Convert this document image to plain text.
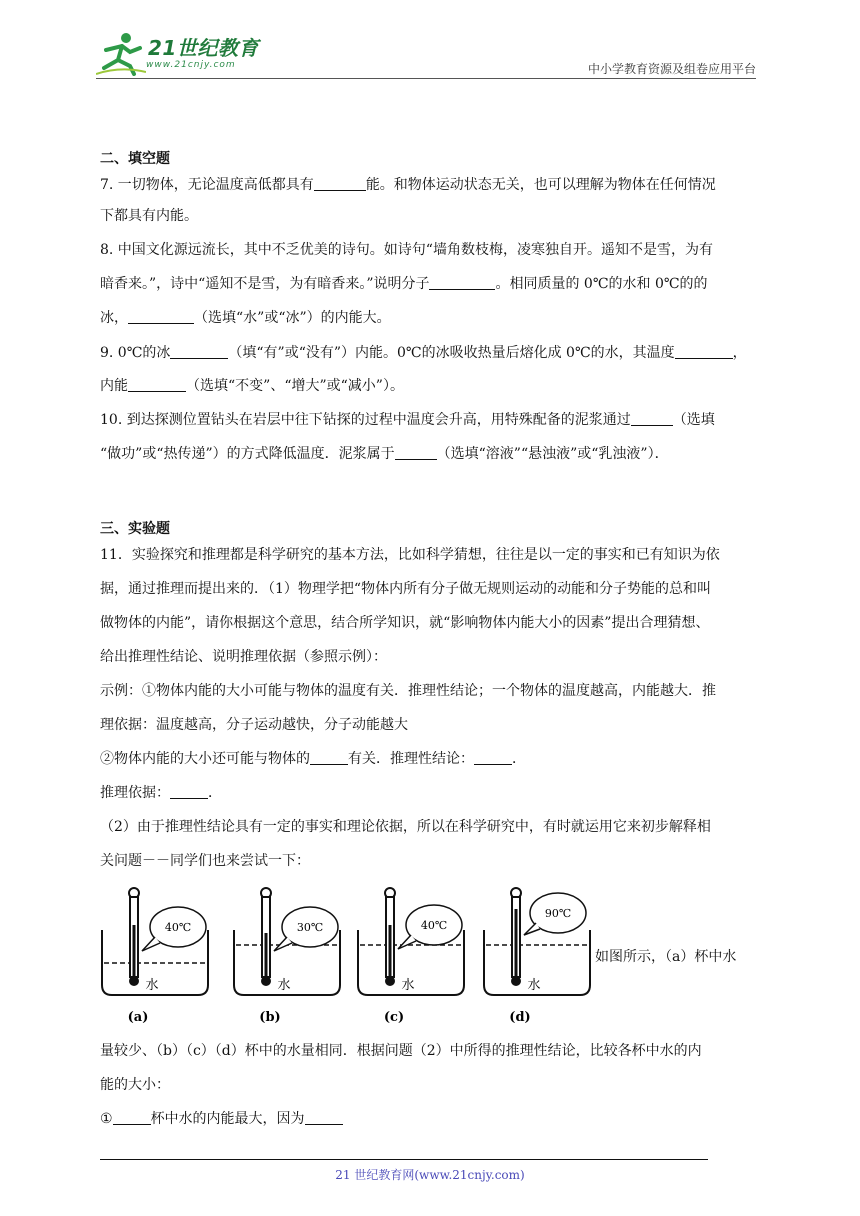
21世纪教育
www.21cnjy.com	中小学教育资源及组卷应用平台
二、填空题
7. 一切物体，无论温度高低都具有	能。和物体运动状态无关，也可以理解为物体在任何情况
下都具有内能。
8. 中国文化源远流长，其中不乏优美的诗句。如诗句“墙角数枝梅，凌寒独自开。遥知不是雪，为有
暗香来。”，诗中“遥知不是雪，为有暗香来。”说明分子	。相同质量的 0℃的水和 0℃的的
冰，	（选填“水”或“冰”）的内能大。
9. 0℃的冰	（填“有”或“没有”）内能。0℃的冰吸收热量后熔化成 0℃的水，其温度	，
内能	（选填“不变”、“增大”或“减小”）。
10. 到达探测位置钻头在岩层中往下钻探的过程中温度会升高，用特殊配备的泥浆通过	（选填
“做功”或“热传递”）的方式降低温度．泥浆属于	（选填“溶液”“悬浊液”或“乳浊液”）．
三、实验题
11．实验探究和推理都是科学研究的基本方法，比如科学猜想，往往是以一定的事实和已有知识为依
据，通过推理而提出来的．（1）物理学把“物体内所有分子做无规则运动的动能和分子势能的总和叫
做物体的内能”，请你根据这个意思，结合所学知识，就“影响物体内能大小的因素”提出合理猜想、
给出推理性结论、说明推理依据（参照示例）：
示例：①物体内能的大小可能与物体的温度有关．推理性结论；一个物体的温度越高，内能越大．推
理依据：温度越高，分子运动越快，分子动能越大
②物体内能的大小还可能与物体的	有关．推理性结论：	．
推理依据：	．
（2）由于推理性结论具有一定的事实和理论依据，所以在科学研究中，有时就运用它来初步解释相
关问题－－同学们也来尝试一下：
40℃
水
(a)
30℃
水
(b)
40℃
水
(c)
90℃
水
(d)
如图所示，（a）杯中水
量较少、（b）（c）（d）杯中的水量相同．根据问题（2）中所得的推理性结论，比较各杯中水的内
能的大小：
①	杯中水的内能最大，因为
21 世纪教育网(www.21cnjy.com)
